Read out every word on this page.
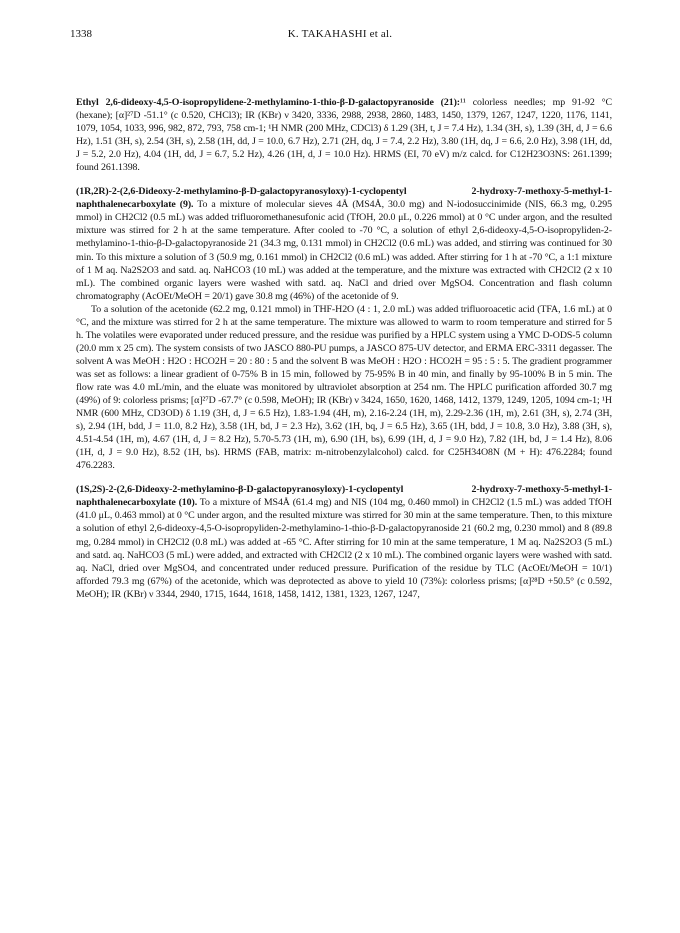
1338	K. TAKAHASHI et al.

Ethyl 2,6-dideoxy-4,5-O-isopropylidene-2-methylamino-1-thio-β-D-galactopyranoside (21):¹¹ colorless needles; mp 91-92 °C (hexane); [α]²⁷D -51.1° (c 0.520, CHCl3); IR (KBr) ν 3420, 3336, 2988, 2938, 2860, 1483, 1450, 1379, 1267, 1247, 1220, 1176, 1141, 1079, 1054, 1033, 996, 982, 872, 793, 758 cm-1; ¹H NMR (200 MHz, CDCl3) δ 1.29 (3H, t, J = 7.4 Hz), 1.34 (3H, s), 1.39 (3H, d, J = 6.6 Hz), 1.51 (3H, s), 2.54 (3H, s), 2.58 (1H, dd, J = 10.0, 6.7 Hz), 2.71 (2H, dq, J = 7.4, 2.2 Hz), 3.80 (1H, dq, J = 6.6, 2.0 Hz), 3.98 (1H, dd, J = 5.2, 2.0 Hz), 4.04 (1H, dd, J = 6.7, 5.2 Hz), 4.26 (1H, d, J = 10.0 Hz). HRMS (EI, 70 eV) m/z calcd. for C12H23O3NS: 261.1399; found 261.1398.

(1R,2R)-2-(2,6-Dideoxy-2-methylamino-β-D-galactopyranosyloxy)-1-cyclopentyl 2-hydroxy-7-methoxy-5-methyl-1-naphthalenecarboxylate (9). To a mixture of molecular sieves 4Å (MS4Å, 30.0 mg) and N-iodosuccinimide (NIS, 66.3 mg, 0.295 mmol) in CH2Cl2 (0.5 mL) was added trifluoromethanesufonic acid (TfOH, 20.0 μL, 0.226 mmol) at 0 °C under argon, and the resulted mixture was stirred for 2 h at the same temperature. After cooled to -70 °C, a solution of ethyl 2,6-dideoxy-4,5-O-isopropyliden-2-methylamino-1-thio-β-D-galactopyranoside 21 (34.3 mg, 0.131 mmol) in CH2Cl2 (0.6 mL) was added, and stirring was continued for 30 min. To this mixture a solution of 3 (50.9 mg, 0.161 mmol) in CH2Cl2 (0.6 mL) was added. After stirring for 1 h at -70 °C, a 1:1 mixture of 1 M aq. Na2S2O3 and satd. aq. NaHCO3 (10 mL) was added at the temperature, and the mixture was extracted with CH2Cl2 (2 x 10 mL). The combined organic layers were washed with satd. aq. NaCl and dried over MgSO4. Concentration and flash column chromatography (AcOEt/MeOH = 20/1) gave 30.8 mg (46%) of the acetonide of 9.

To a solution of the acetonide (62.2 mg, 0.121 mmol) in THF-H2O (4 : 1, 2.0 mL) was added trifluoroacetic acid (TFA, 1.6 mL) at 0 °C, and the mixture was stirred for 2 h at the same temperature. The mixture was allowed to warm to room temperature and stirred for 5 h. The volatiles were evaporated under reduced pressure, and the residue was purified by a HPLC system using a YMC D-ODS-5 column (20.0 mm x 25 cm). The system consists of two JASCO 880-PU pumps, a JASCO 875-UV detector, and ERMA ERC-3311 degasser. The solvent A was MeOH : H2O : HCO2H = 20 : 80 : 5 and the solvent B was MeOH : H2O : HCO2H = 95 : 5 : 5. The gradient programmer was set as follows: a linear gradient of 0-75% B in 15 min, followed by 75-95% B in 40 min, and finally by 95-100% B in 5 min. The flow rate was 4.0 mL/min, and the eluate was monitored by ultraviolet absorption at 254 nm. The HPLC purification afforded 30.7 mg (49%) of 9: colorless prisms; [α]²⁷D -67.7° (c 0.598, MeOH); IR (KBr) ν 3424, 1650, 1620, 1468, 1412, 1379, 1249, 1205, 1094 cm-1; ¹H NMR (600 MHz, CD3OD) δ 1.19 (3H, d, J = 6.5 Hz), 1.83-1.94 (4H, m), 2.16-2.24 (1H, m), 2.29-2.36 (1H, m), 2.61 (3H, s), 2.74 (3H, s), 2.94 (1H, bdd, J = 11.0, 8.2 Hz), 3.58 (1H, bd, J = 2.3 Hz), 3.62 (1H, bq, J = 6.5 Hz), 3.65 (1H, bdd, J = 10.8, 3.0 Hz), 3.88 (3H, s), 4.51-4.54 (1H, m), 4.67 (1H, d, J = 8.2 Hz), 5.70-5.73 (1H, m), 6.90 (1H, bs), 6.99 (1H, d, J = 9.0 Hz), 7.82 (1H, bd, J = 1.4 Hz), 8.06 (1H, d, J = 9.0 Hz), 8.52 (1H, bs). HRMS (FAB, matrix: m-nitrobenzylalcohol) calcd. for C25H34O8N (M + H): 476.2284; found 476.2283.

(1S,2S)-2-(2,6-Dideoxy-2-methylamino-β-D-galactopyranosyloxy)-1-cyclopentyl 2-hydroxy-7-methoxy-5-methyl-1-naphthalenecarboxylate (10). To a mixture of MS4Å (61.4 mg) and NIS (104 mg, 0.460 mmol) in CH2Cl2 (1.5 mL) was added TfOH (41.0 μL, 0.463 mmol) at 0 °C under argon, and the resulted mixture was stirred for 30 min at the same temperature. Then, to this mixture a solution of ethyl 2,6-dideoxy-4,5-O-isopropyliden-2-methylamino-1-thio-β-D-galactopyranoside 21 (60.2 mg, 0.230 mmol) and 8 (89.8 mg, 0.284 mmol) in CH2Cl2 (0.8 mL) was added at -65 °C. After stirring for 10 min at the same temperature, 1 M aq. Na2S2O3 (5 mL) and satd. aq. NaHCO3 (5 mL) were added, and extracted with CH2Cl2 (2 x 10 mL). The combined organic layers were washed with satd. aq. NaCl, dried over MgSO4, and concentrated under reduced pressure. Purification of the residue by TLC (AcOEt/MeOH = 10/1) afforded 79.3 mg (67%) of the acetonide, which was deprotected as above to yield 10 (73%): colorless prisms; [α]²⁸D +50.5° (c 0.592, MeOH); IR (KBr) ν 3344, 2940, 1715, 1644, 1618, 1458, 1412, 1381, 1323, 1267, 1247,
